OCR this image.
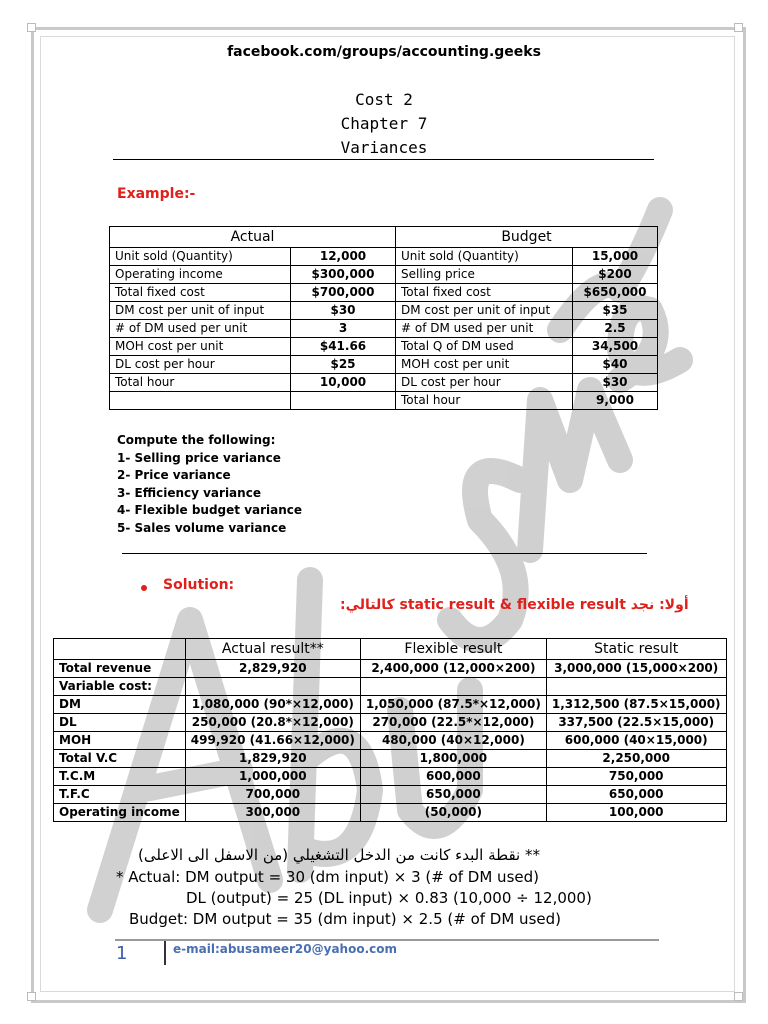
facebook.com/groups/accounting.geeks
Cost 2
Chapter 7
Variances
Example:-
Actual		Budget	
Unit sold (Quantity)	12,000	Unit sold (Quantity)	15,000
Operating income	$300,000	Selling price	$200
Total fixed cost	$700,000	Total fixed cost	$650,000
DM cost per unit of input	$30	DM cost per unit of input	$35
# of DM used per unit	3	# of DM used per unit	2.5
MOH cost per unit	$41.66	Total Q of DM used	34,500
DL cost per hour	$25	MOH cost per unit	$40
Total hour	10,000	DL cost per hour	$30
		Total hour	9,000
Compute the following:
1- Selling price variance
2- Price variance
3- Efficiency variance
4- Flexible budget variance
5- Sales volume variance
Solution:
أولا: نجد static result & flexible result كالتالي:
	Actual result**	Flexible result	Static result
Total revenue	2,829,920	2,400,000 (12,000×200)	3,000,000 (15,000×200)
Variable cost:			
DM	1,080,000 (90*×12,000)	1,050,000 (87.5*×12,000)	1,312,500 (87.5×15,000)
DL	250,000 (20.8*×12,000)	270,000 (22.5*×12,000)	337,500 (22.5×15,000)
MOH	499,920 (41.66×12,000)	480,000 (40×12,000)	600,000 (40×15,000)
Total V.C	1,829,920	1,800,000	2,250,000
T.C.M	1,000,000	600,000	750,000
T.F.C	700,000	650,000	650,000
Operating income	300,000	(50,000)	100,000
** نقطة البدء كانت من الدخل التشغيلي (من الاسفل الى الاعلى)
* Actual: DM output = 30 (dm input) × 3 (# of DM used)
DL (output) = 25 (DL input) × 0.83 (10,000 ÷ 12,000)
Budget: DM output = 35 (dm input) × 2.5 (# of DM used)
1	e-mail:abusameer20@yahoo.com
